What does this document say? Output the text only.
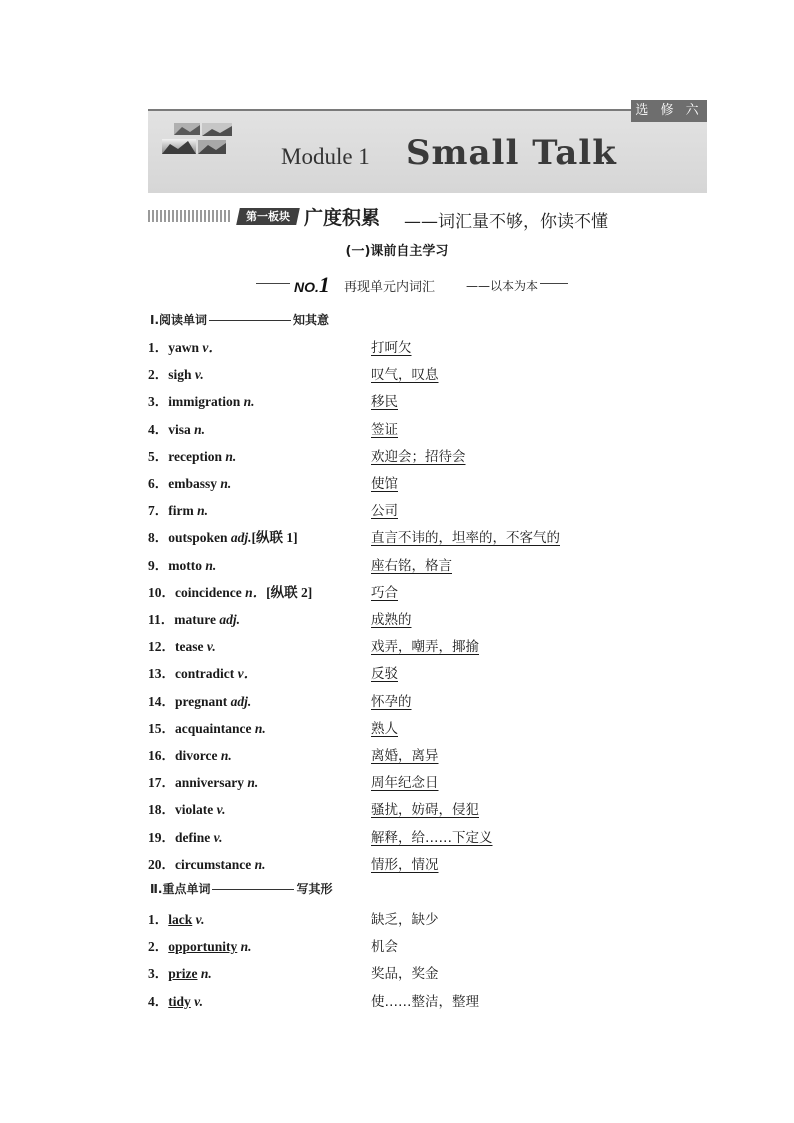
选 修 六
Module 1 Small Talk
第一板块 广度积累 ——词汇量不够，你读不懂
(一)课前自主学习
NO.1 再现单元内词汇	——以本为本
Ⅰ.阅读单词	知其意
1．yawn v．	打呵欠
2．sigh v.	叹气，叹息
3．immigration n.	移民
4．visa n.	签证
5．reception n.	欢迎会；招待会
6．embassy n.	使馆
7．firm n.	公司
8．outspoken adj.[纵联 1]	直言不讳的，坦率的，不客气的
9．motto n.	座右铭，格言
10．coincidence n．[纵联 2]	巧合
11．mature adj.	成熟的
12．tease v.	戏弄，嘲弄，揶揄
13．contradict v．	反驳
14．pregnant adj.	怀孕的
15．acquaintance n.	熟人
16．divorce n.	离婚，离异
17．anniversary n.	周年纪念日
18．violate v.	骚扰，妨碍，侵犯
19．define v.	解释，给……下定义
20．circumstance n.	情形，情况
Ⅱ.重点单词	写其形
1．lack v.	缺乏，缺少
2．opportunity n.	机会
3．prize n.	奖品，奖金
4．tidy v.	使……整洁，整理
